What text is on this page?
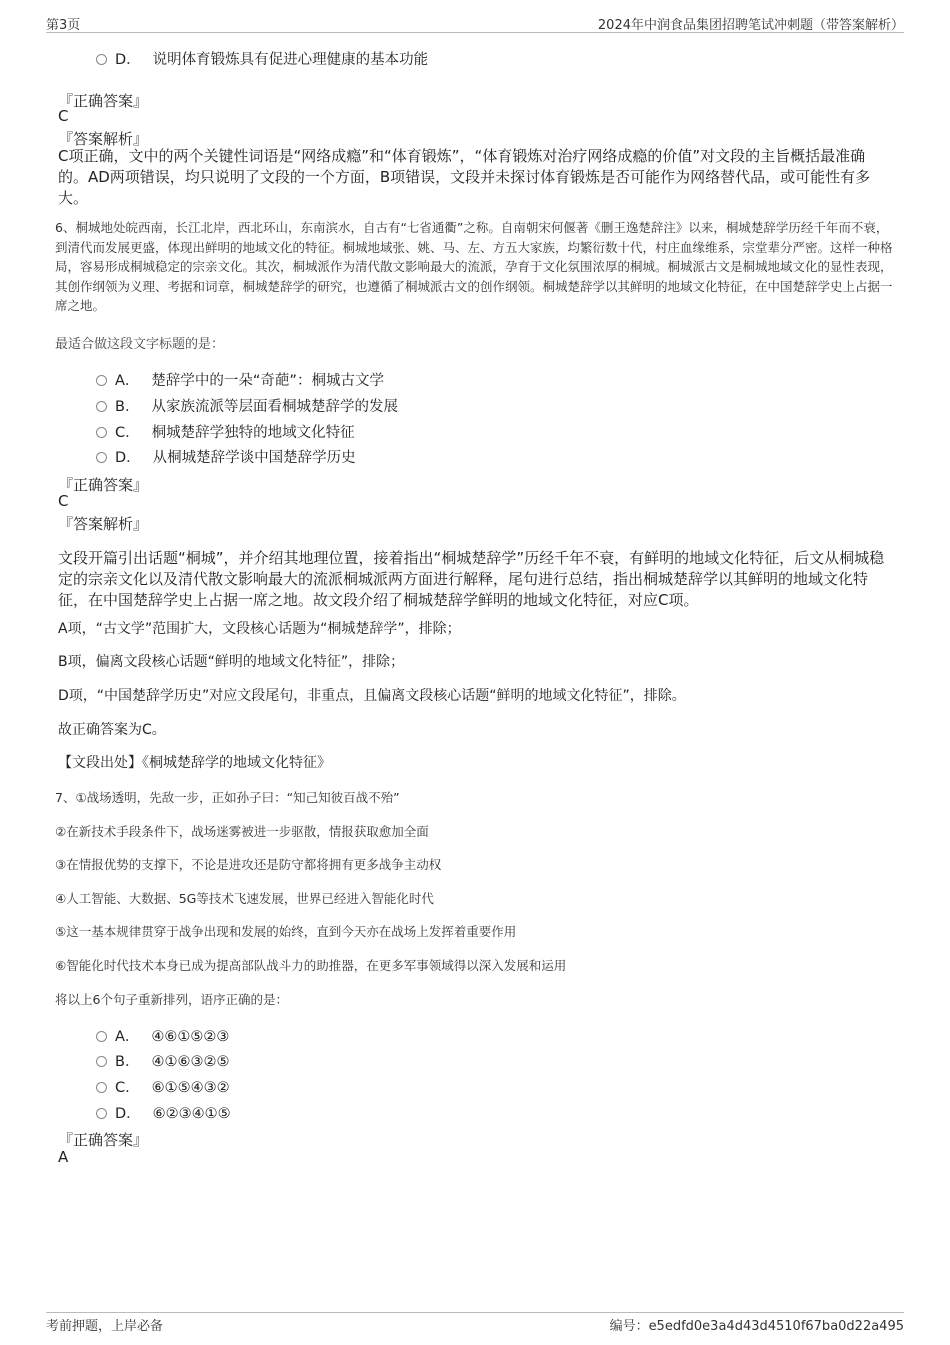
第3页	2024年中润食品集团招聘笔试冲刺题（带答案解析）
D． 说明体育锻炼具有促进心理健康的基本功能
『正确答案』
C
『答案解析』
C项正确，文中的两个关键性词语是“网络成瘾”和“体育锻炼”，“体育锻炼对治疗网络成瘾的价值”对文段的主旨概括最准确的。AD两项错误，均只说明了文段的一个方面，B项错误，文段并未探讨体育锻炼是否可能作为网络替代品，或可能性有多大。
6、桐城地处皖西南，长江北岸，西北环山，东南滨水，自古有“七省通衢”之称。自南朝宋何偃著《删王逸楚辞注》以来，桐城楚辞学历经千年而不衰，到清代而发展更盛，体现出鲜明的地域文化的特征。桐城地域张、姚、马、左、方五大家族，均繁衍数十代，村庄血缘维系，宗堂辈分严密。这样一种格局，容易形成桐城稳定的宗亲文化。其次，桐城派作为清代散文影响最大的流派，孕育于文化氛围浓厚的桐城。桐城派古文是桐城地域文化的显性表现，其创作纲领为义理、考据和词章，桐城楚辞学的研究，也遵循了桐城派古文的创作纲领。桐城楚辞学以其鲜明的地域文化特征，在中国楚辞学史上占据一席之地。
最适合做这段文字标题的是：
A． 楚辞学中的一朵“奇葩”：桐城古文学
B． 从家族流派等层面看桐城楚辞学的发展
C． 桐城楚辞学独特的地域文化特征
D． 从桐城楚辞学谈中国楚辞学历史
『正确答案』
C
『答案解析』
文段开篇引出话题“桐城”，并介绍其地理位置，接着指出“桐城楚辞学”历经千年不衰，有鲜明的地域文化特征，后文从桐城稳定的宗亲文化以及清代散文影响最大的流派桐城派两方面进行解释，尾句进行总结，指出桐城楚辞学以其鲜明的地域文化特征，在中国楚辞学史上占据一席之地。故文段介绍了桐城楚辞学鲜明的地域文化特征，对应C项。
A项，“古文学”范围扩大，文段核心话题为“桐城楚辞学”，排除；
B项，偏离文段核心话题“鲜明的地域文化特征”，排除；
D项，“中国楚辞学历史”对应文段尾句，非重点，且偏离文段核心话题“鲜明的地域文化特征”，排除。
故正确答案为C。
【文段出处】《桐城楚辞学的地域文化特征》
7、①战场透明，先敌一步，正如孙子曰：“知己知彼百战不殆”
②在新技术手段条件下，战场迷雾被进一步驱散，情报获取愈加全面
③在情报优势的支撑下，不论是进攻还是防守都将拥有更多战争主动权
④人工智能、大数据、5G等技术飞速发展，世界已经进入智能化时代
⑤这一基本规律贯穿于战争出现和发展的始终，直到今天亦在战场上发挥着重要作用
⑥智能化时代技术本身已成为提高部队战斗力的助推器，在更多军事领域得以深入发展和运用
将以上6个句子重新排列，语序正确的是：
A． ④⑥①⑤②③
B． ④①⑥③②⑤
C． ⑥①⑤④③②
D． ⑥②③④①⑤
『正确答案』
A
考前押题，上岸必备	编号：e5edfd0e3a4d43d4510f67ba0d22a495
